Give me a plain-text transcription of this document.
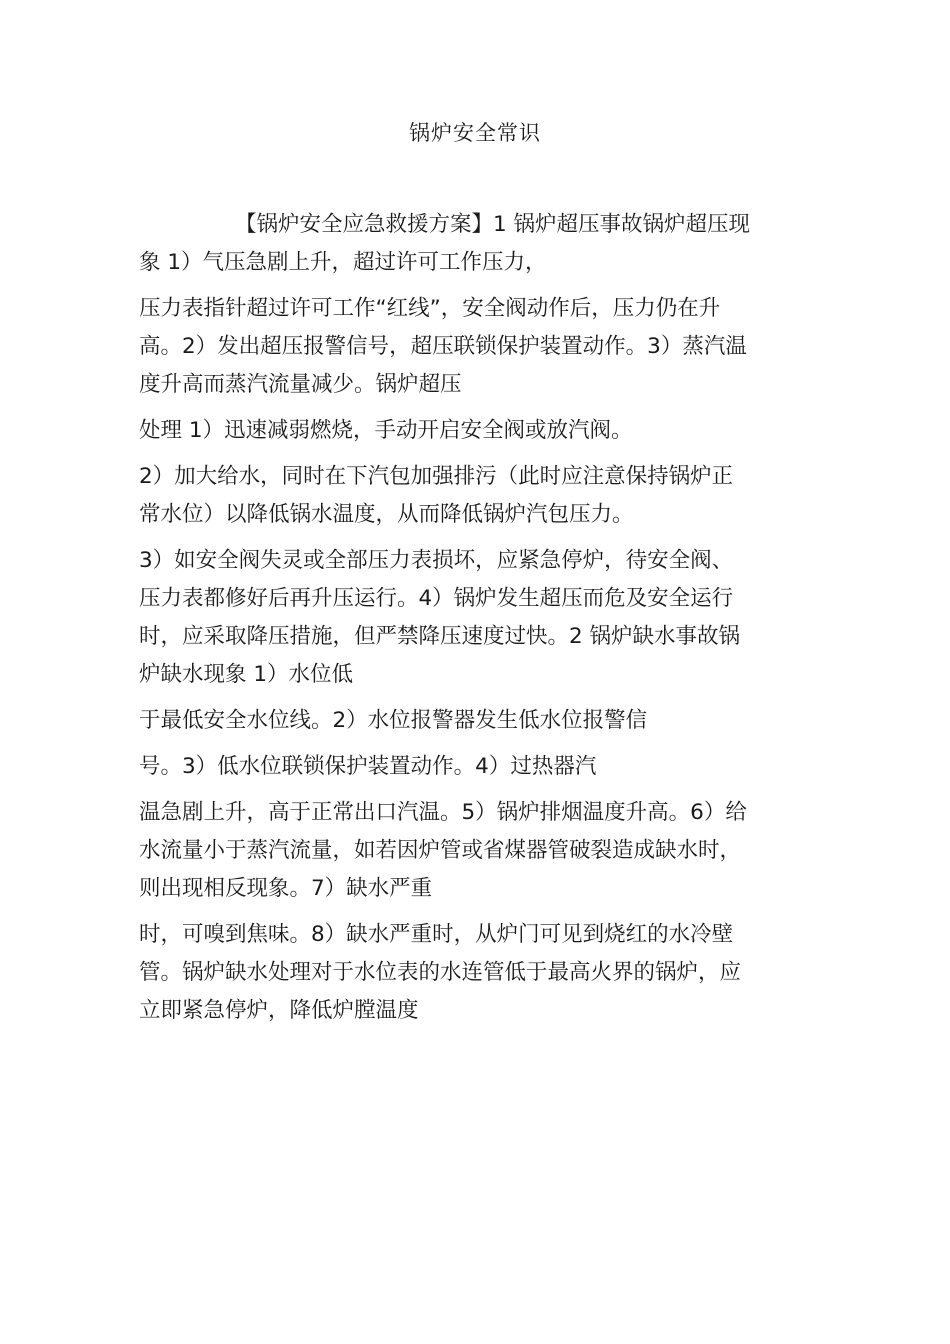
锅炉安全常识
【锅炉安全应急救援方案】1 锅炉超压事故锅炉超压现
象 1）气压急剧上升，超过许可工作压力，
压力表指针超过许可工作“红线”，安全阀动作后，压力仍在升
高。2）发出超压报警信号，超压联锁保护装置动作。3）蒸汽温
度升高而蒸汽流量减少。锅炉超压
处理 1）迅速减弱燃烧，手动开启安全阀或放汽阀。
2）加大给水，同时在下汽包加强排污（此时应注意保持锅炉正
常水位）以降低锅水温度，从而降低锅炉汽包压力。
3）如安全阀失灵或全部压力表损坏，应紧急停炉，待安全阀、
压力表都修好后再升压运行。4）锅炉发生超压而危及安全运行
时，应采取降压措施，但严禁降压速度过快。2 锅炉缺水事故锅
炉缺水现象 1）水位低
于最低安全水位线。2）水位报警器发生低水位报警信
号。3）低水位联锁保护装置动作。4）过热器汽
温急剧上升，高于正常出口汽温。5）锅炉排烟温度升高。6）给
水流量小于蒸汽流量，如若因炉管或省煤器管破裂造成缺水时，
则出现相反现象。7）缺水严重
时，可嗅到焦味。8）缺水严重时，从炉门可见到烧红的水冷壁
管。锅炉缺水处理对于水位表的水连管低于最高火界的锅炉，应
立即紧急停炉，降低炉膛温度
